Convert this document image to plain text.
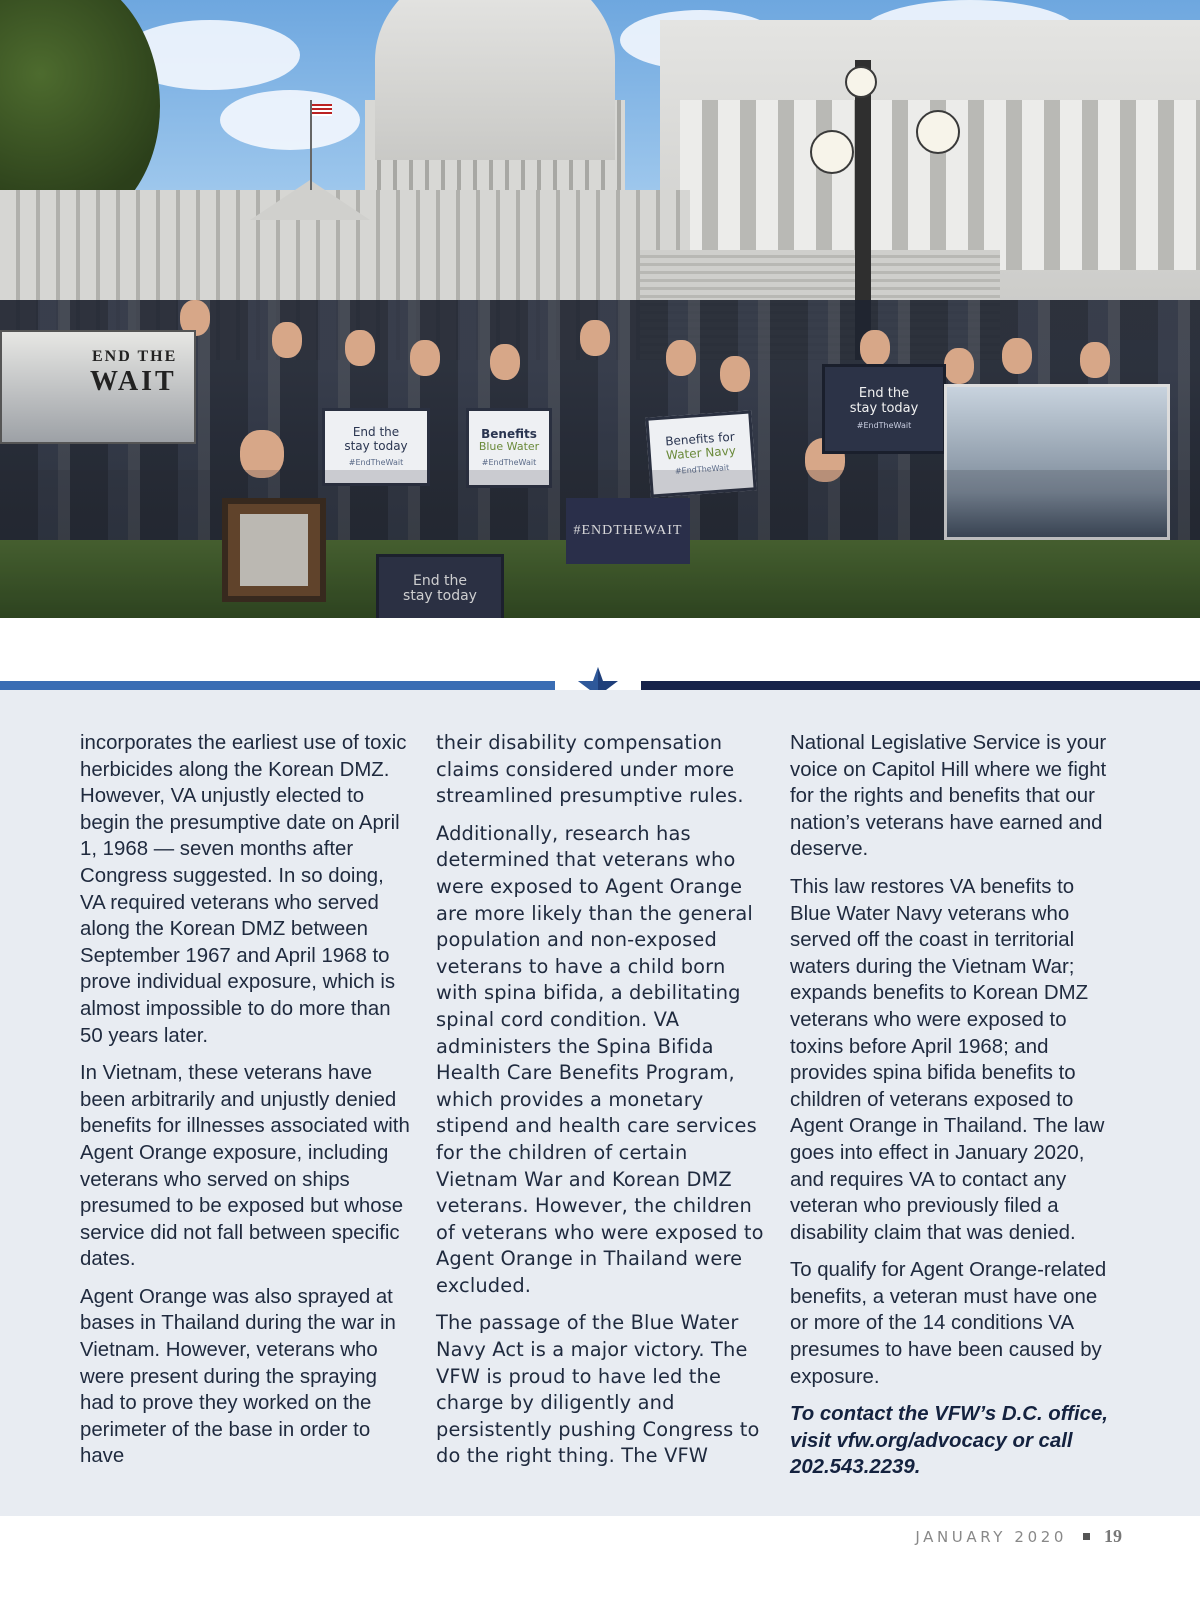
END THE
WAIT
End the
stay today
#EndTheWait
Benefits
Blue Water
#EndTheWait
Benefits for
Water Navy
#EndTheWait
End the
stay today
#EndTheWait
End the
stay today
#ENDTHEWAIT

incorporates the earliest use of toxic herbicides along the Korean DMZ. However, VA unjustly elected to begin the presumptive date on April 1, 1968 — seven months after Congress suggested. In so doing, VA required veterans who served along the Korean DMZ between September 1967 and April 1968 to prove individual exposure, which is almost impossible to do more than 50 years later.

In Vietnam, these veterans have been arbitrarily and unjustly denied benefits for illnesses associated with Agent Orange exposure, including veterans who served on ships presumed to be exposed but whose service did not fall between specific dates.

Agent Orange was also sprayed at bases in Thailand during the war in Vietnam. However, veterans who were present during the spraying had to prove they worked on the perimeter of the base in order to have

their disability compensation claims considered under more streamlined presumptive rules.

Additionally, research has determined that veterans who were exposed to Agent Orange are more likely than the general population and non-exposed veterans to have a child born with spina bifida, a debilitating spinal cord condition. VA administers the Spina Bifida Health Care Benefits Program, which provides a monetary stipend and health care services for the children of certain Vietnam War and Korean DMZ veterans. However, the children of veterans who were exposed to Agent Orange in Thailand were excluded.

The passage of the Blue Water Navy Act is a major victory. The VFW is proud to have led the charge by diligently and persistently pushing Congress to do the right thing. The VFW

National Legislative Service is your voice on Capitol Hill where we fight for the rights and benefits that our nation’s veterans have earned and deserve.

This law restores VA benefits to Blue Water Navy veterans who served off the coast in territorial waters during the Vietnam War; expands benefits to Korean DMZ veterans who were exposed to toxins before April 1968; and provides spina bifida benefits to children of veterans exposed to Agent Orange in Thailand. The law goes into effect in January 2020, and requires VA to contact any veteran who previously filed a disability claim that was denied.

To qualify for Agent Orange-related benefits, a veteran must have one or more of the 14 conditions VA presumes to have been caused by exposure.

To contact the VFW’s D.C. office, visit vfw.org/advocacy or call 202.543.2239.

JANUARY 2020 19
